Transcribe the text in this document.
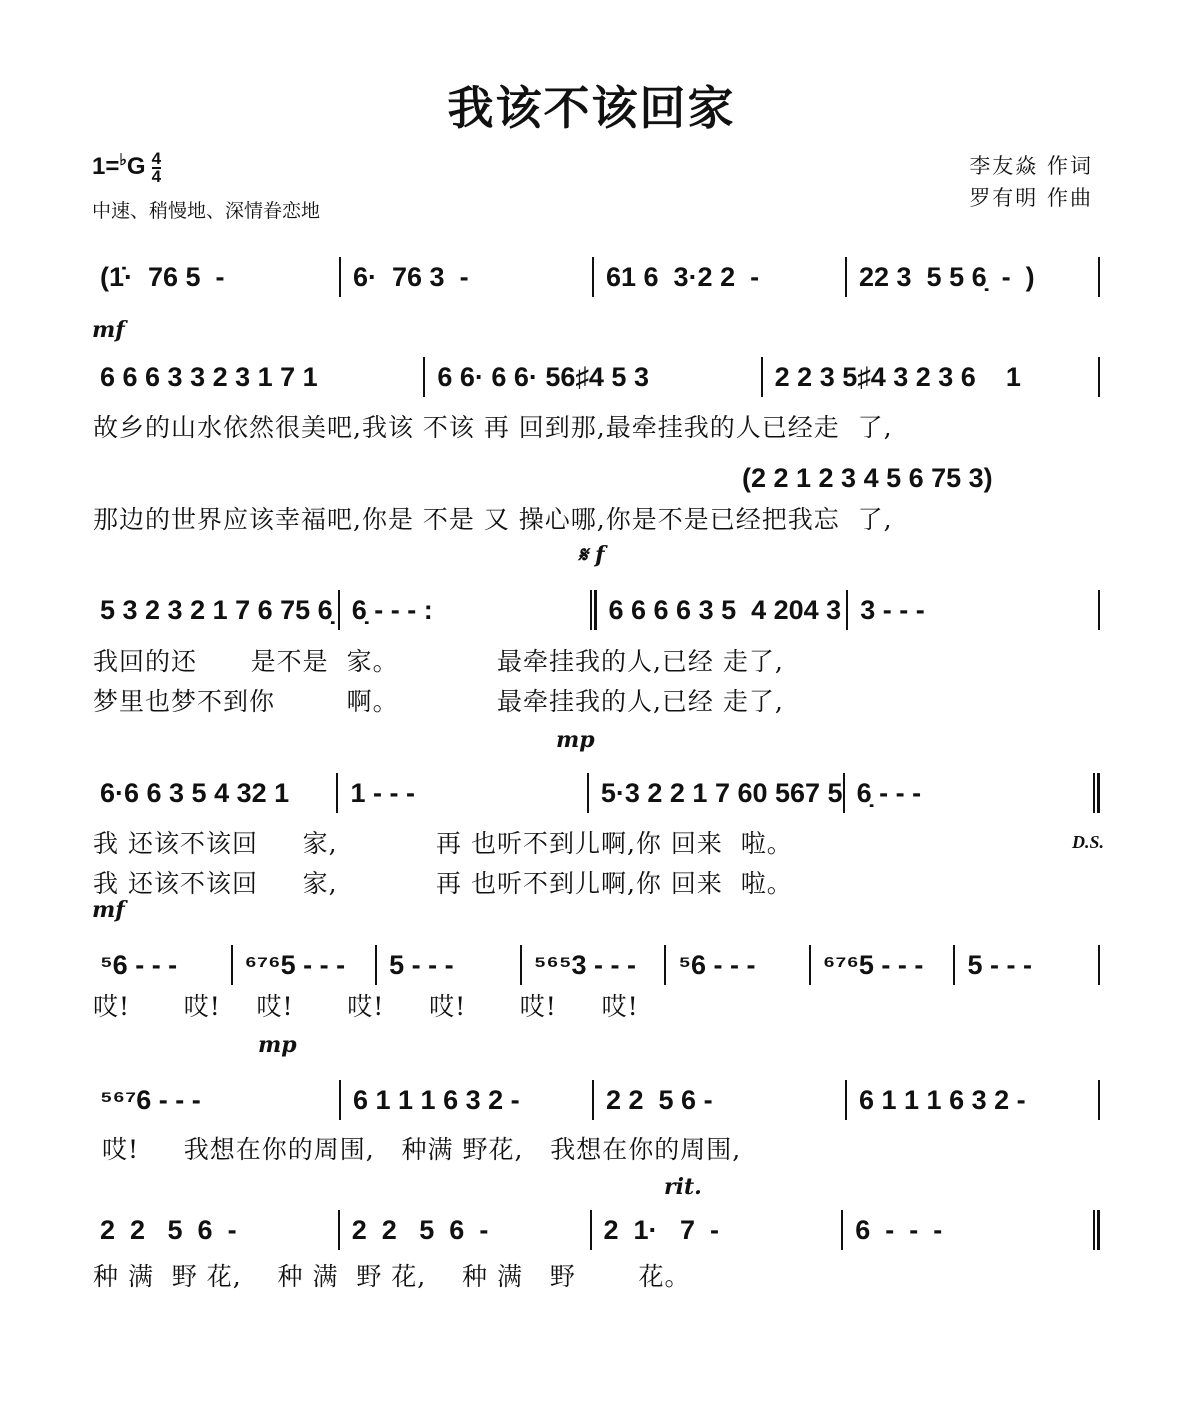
我该不该回家
$1=^♭G \frac{4}{4}$
中速、稍慢地、深情眷恋地
李友焱 作词
罗有明 作曲
(1̇·  76 5  -	6·  76 3  -	61 6  3·2 2  -	22 3  5 5 6̣  -  )
6 6 6 3 3 2 3 1 7 1	6 6· 6 6· 56♯4 5 3	2 2 3 5♯4 3 2 3 6    1
mf
(2 2 1 2 3 4 5 6 75 3)
5 3 2 3 2 1 7 6 75 6̣ 6̣ - - - :	6 6 6 6 3 5  4 204 3 3 - - -
𝄋 f
6·6 6 3 5 4 32 1	1 - - -	5·3 2 2 1 7 60 567 5 6̣ - - -
mp
⁵6 - - -	⁶⁷⁶5 - - -	5 - - -	⁵⁶⁵3 - - -	⁵6 - - -	⁶⁷⁶5 - - -	5 - - -
mf
⁵⁶⁷6 - - -	6 1 1 1 6 3 2 -	2 2  5 6 -	6 1 1 1 6 3 2 -
mp
2  2   5  6  -	2  2   5  6  -	2  1·   7  -	6  -  -  -
rit.
故乡的山水依然很美吧,我该 不该 再 回到那,最牵挂我的人已经走  了,
那边的世界应该幸福吧,你是 不是 又 操心哪,你是不是已经把我忘  了,
我回的还      是不是  家。           最牵挂我的人,已经 走了,
梦里也梦不到你        啊。           最牵挂我的人,已经 走了,
我 还该不该回     家,           再 也听不到儿啊,你 回来  啦。
我 还该不该回     家,           再 也听不到儿啊,你 回来  啦。
哎!      哎!    哎!      哎!     哎!      哎!     哎!
哎!     我想在你的周围,   种满 野花,   我想在你的周围,
种 满  野 花,    种 满  野 花,    种 满   野       花。
D.S.
